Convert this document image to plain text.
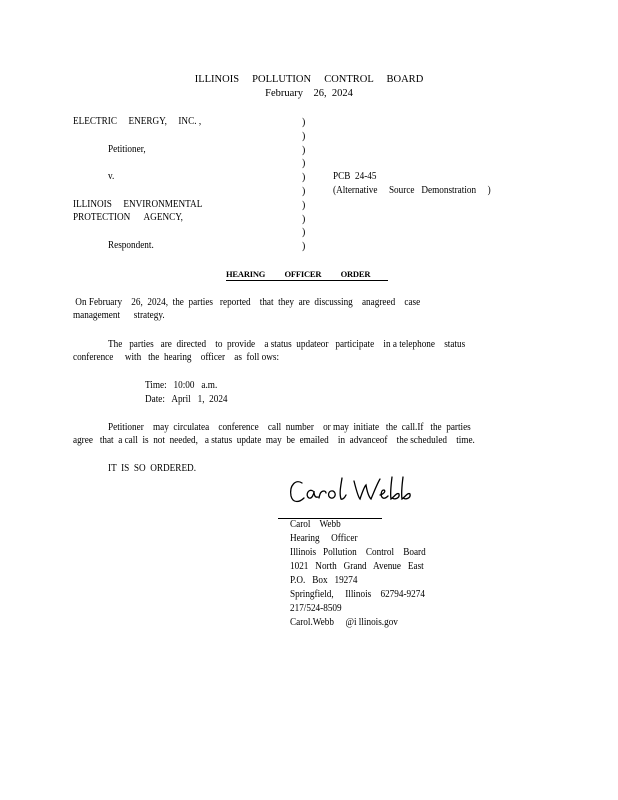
ILLINOIS     POLLUTION     CONTROL     BOARD
February    26,  2024
ELECTRIC     ENERGY,     INC. ,
Petitioner,
v.
ILLINOIS     ENVIRONMENTAL
PROTECTION      AGENCY,
Respondent.
)
)
)
)
)
)
)
)
)
)
PCB  24-45
(Alternative     Source   Demonstration     )
HEARING          OFFICER          ORDER
On February    26,  2024,  the  parties   reported    that  they  are  discussing    anagreed    case
management      strategy.
The   parties   are  directed    to  provide    a status  updateor   participate    in a telephone    status
conference     with   the  hearing    officer    as  foll ows:
Time:   10:00   a.m.
Date:   April   1,  2024
Petitioner    may  circulatea    conference    call  number    or may  initiate   the  call.If   the  parties
agree   that  a call  is  not  needed,   a status  update  may  be  emailed    in  advanceof    the scheduled    time.
IT  IS  SO  ORDERED.
Carol    Webb
Hearing     Officer
Illinois   Pollution    Control    Board
1021   North   Grand   Avenue   East
P.O.   Box   19274
Springfield,     Illinois    62794-9274
217/524-8509
Carol.Webb     @i llinois.gov
